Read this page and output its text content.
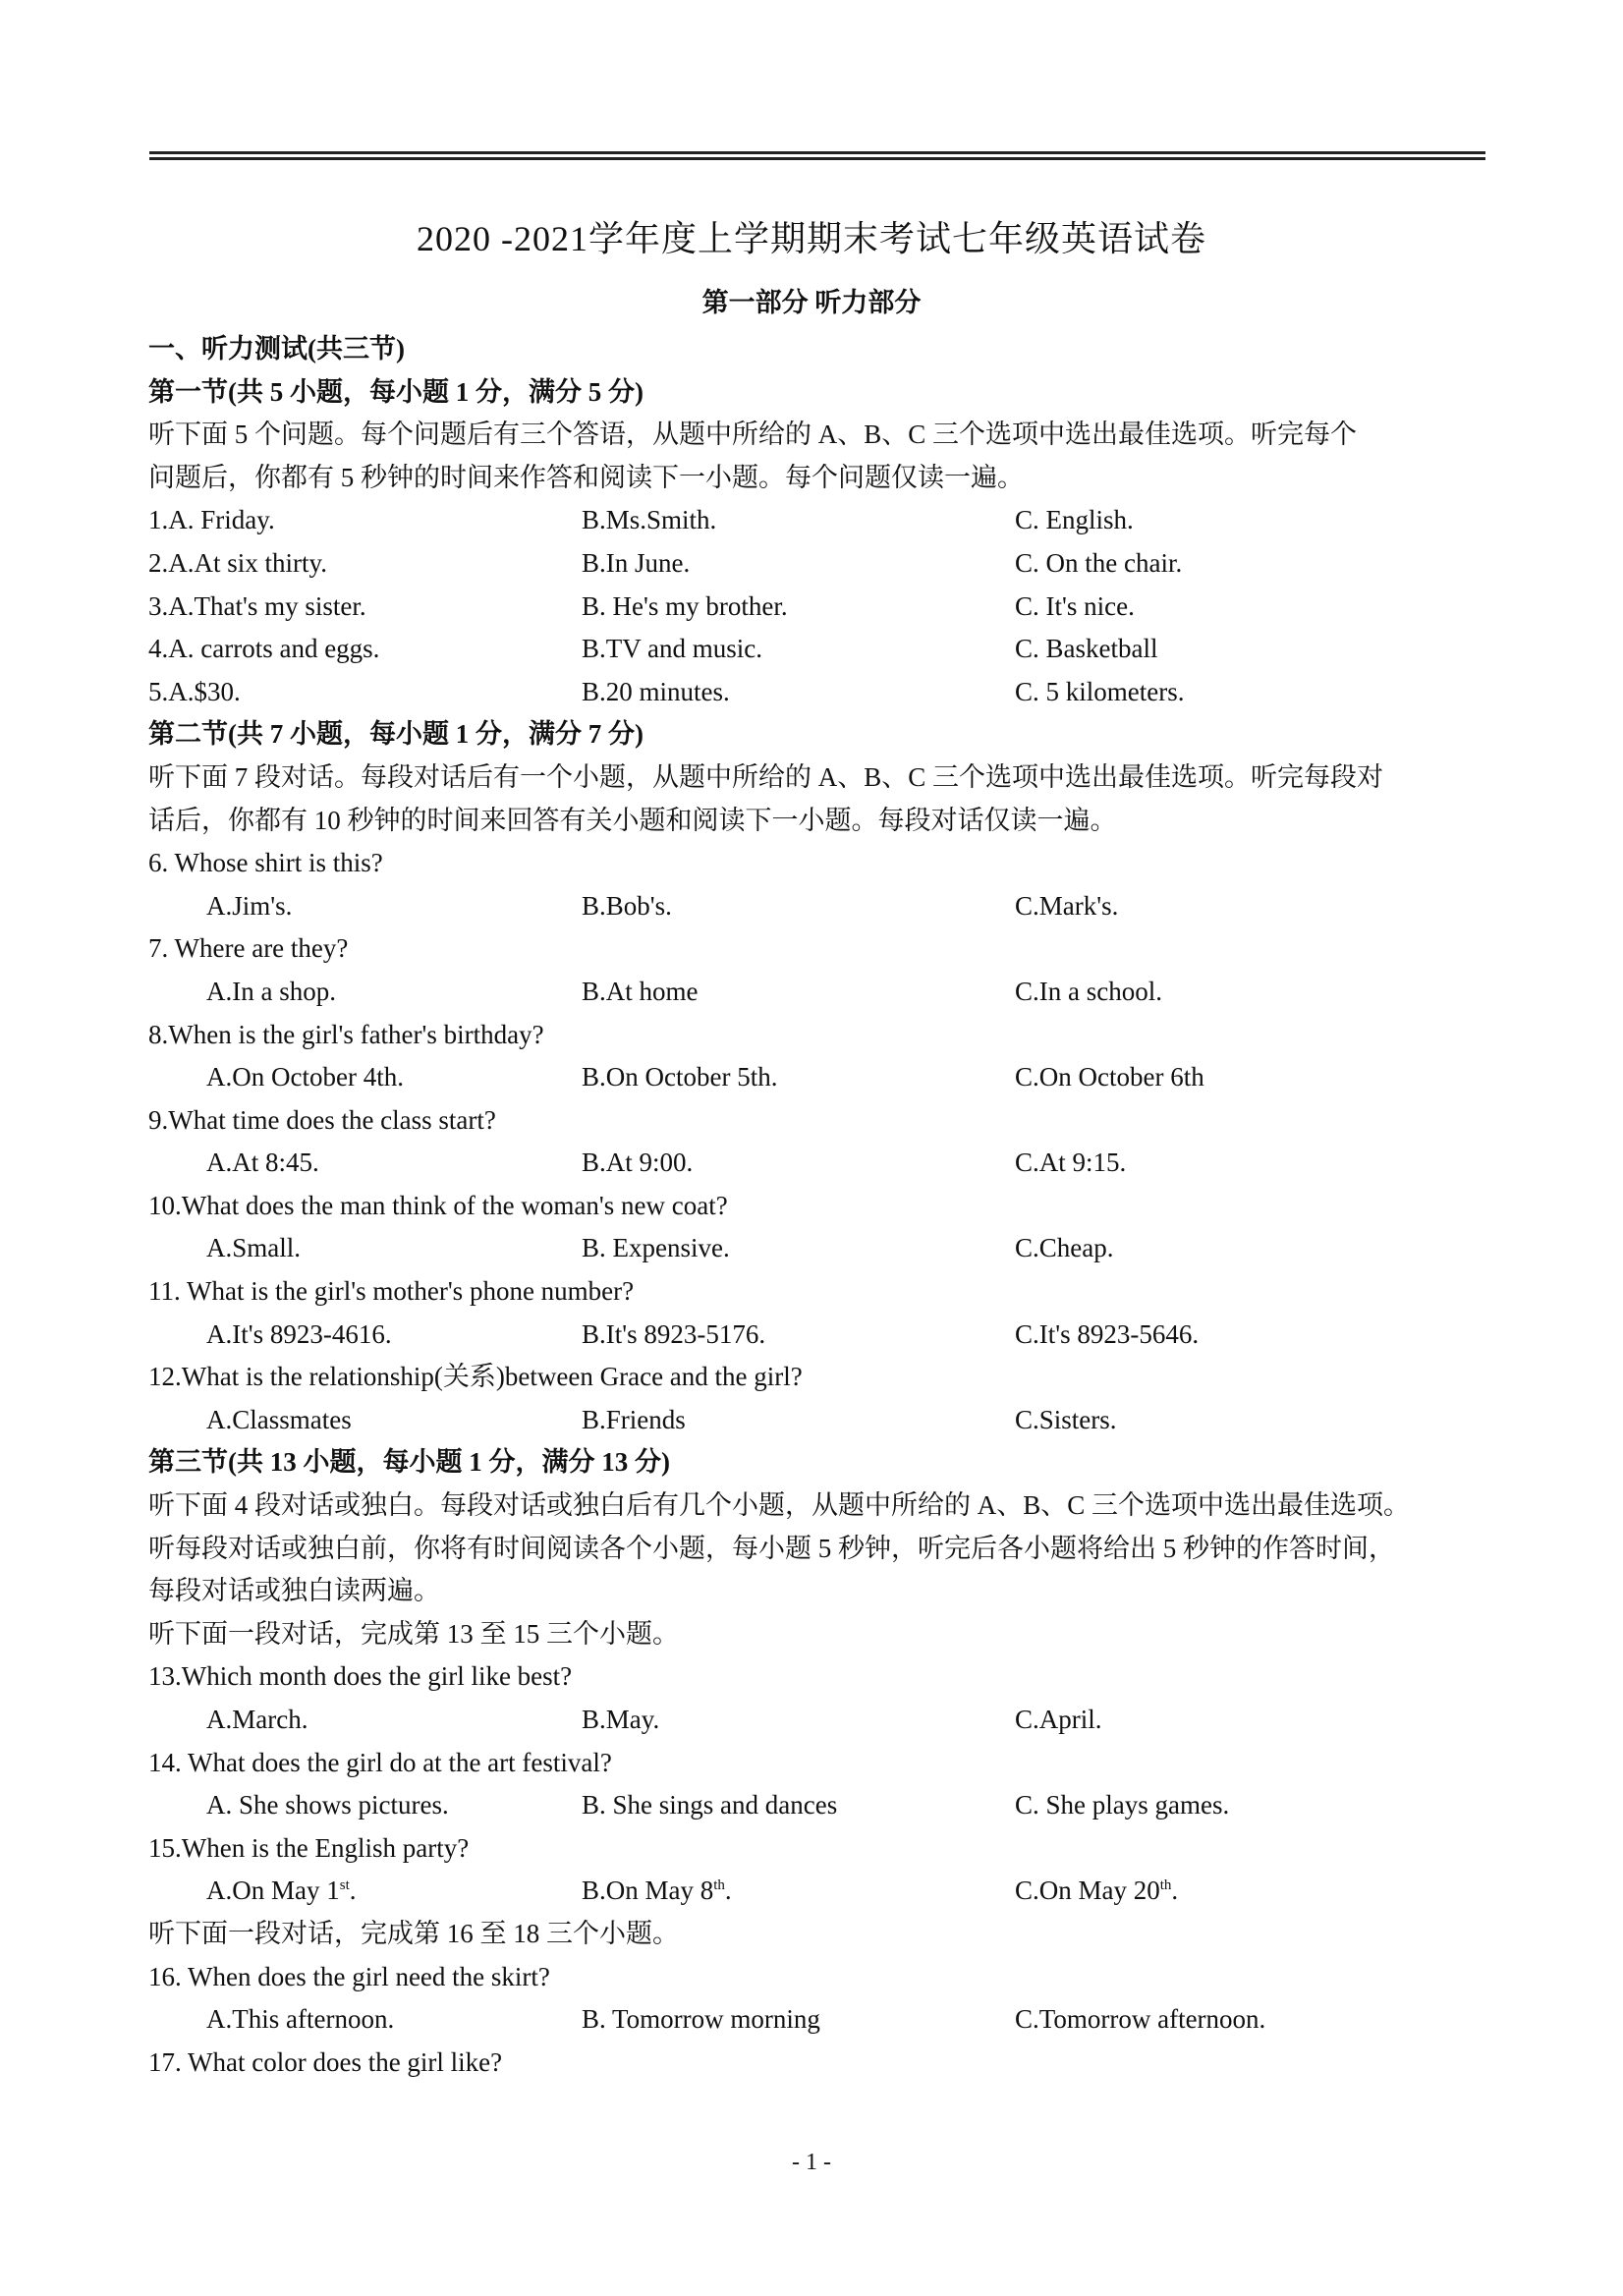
2020 -2021学年度上学期期末考试七年级英语试卷
第一部分 听力部分
一、听力测试(共三节)
第一节(共 5 小题，每小题 1 分，满分 5 分)
听下面 5 个问题。每个问题后有三个答语，从题中所给的 A、B、C 三个选项中选出最佳选项。听完每个
问题后，你都有 5 秒钟的时间来作答和阅读下一小题。每个问题仅读一遍。
1.A. Friday.	B.Ms.Smith.	C. English.
2.A.At six thirty.	B.In June.	C. On the chair.
3.A.That's my sister.	B. He's my brother.	C. It's nice.
4.A. carrots and eggs.	B.TV and music.	C. Basketball
5.A.$30.	B.20 minutes.	C. 5 kilometers.
第二节(共 7 小题，每小题 1 分，满分 7 分)
听下面 7 段对话。每段对话后有一个小题，从题中所给的 A、B、C 三个选项中选出最佳选项。听完每段对
话后，你都有 10 秒钟的时间来回答有关小题和阅读下一小题。每段对话仅读一遍。
6. Whose shirt is this?
A.Jim's.	B.Bob's.	C.Mark's.
7. Where are they?
A.In a shop.	B.At home	C.In a school.
8.When is the girl's father's birthday?
A.On October 4th.	B.On October 5th.	C.On October 6th
9.What time does the class start?
A.At 8:45.	B.At 9:00.	C.At 9:15.
10.What does the man think of the woman's new coat?
A.Small.	B. Expensive.	C.Cheap.
11. What is the girl's mother's phone number?
A.It's 8923-4616.	B.It's 8923-5176.	C.It's 8923-5646.
12.What is the relationship(关系)between Grace and the girl?
A.Classmates	B.Friends	C.Sisters.
第三节(共 13 小题，每小题 1 分，满分 13 分)
听下面 4 段对话或独白。每段对话或独白后有几个小题，从题中所给的 A、B、C 三个选项中选出最佳选项。
听每段对话或独白前，你将有时间阅读各个小题，每小题 5 秒钟，听完后各小题将给出 5 秒钟的作答时间，
每段对话或独白读两遍。
听下面一段对话，完成第 13 至 15 三个小题。
13.Which month does the girl like best?
A.March.	B.May.	C.April.
14. What does the girl do at the art festival?
A. She shows pictures.	B. She sings and dances	C. She plays games.
15.When is the English party?
A.On May 1st.	B.On May 8th.	C.On May 20th.
听下面一段对话，完成第 16 至 18 三个小题。
16. When does the girl need the skirt?
A.This afternoon.	B. Tomorrow morning	C.Tomorrow afternoon.
17. What color does the girl like?
- 1 -
